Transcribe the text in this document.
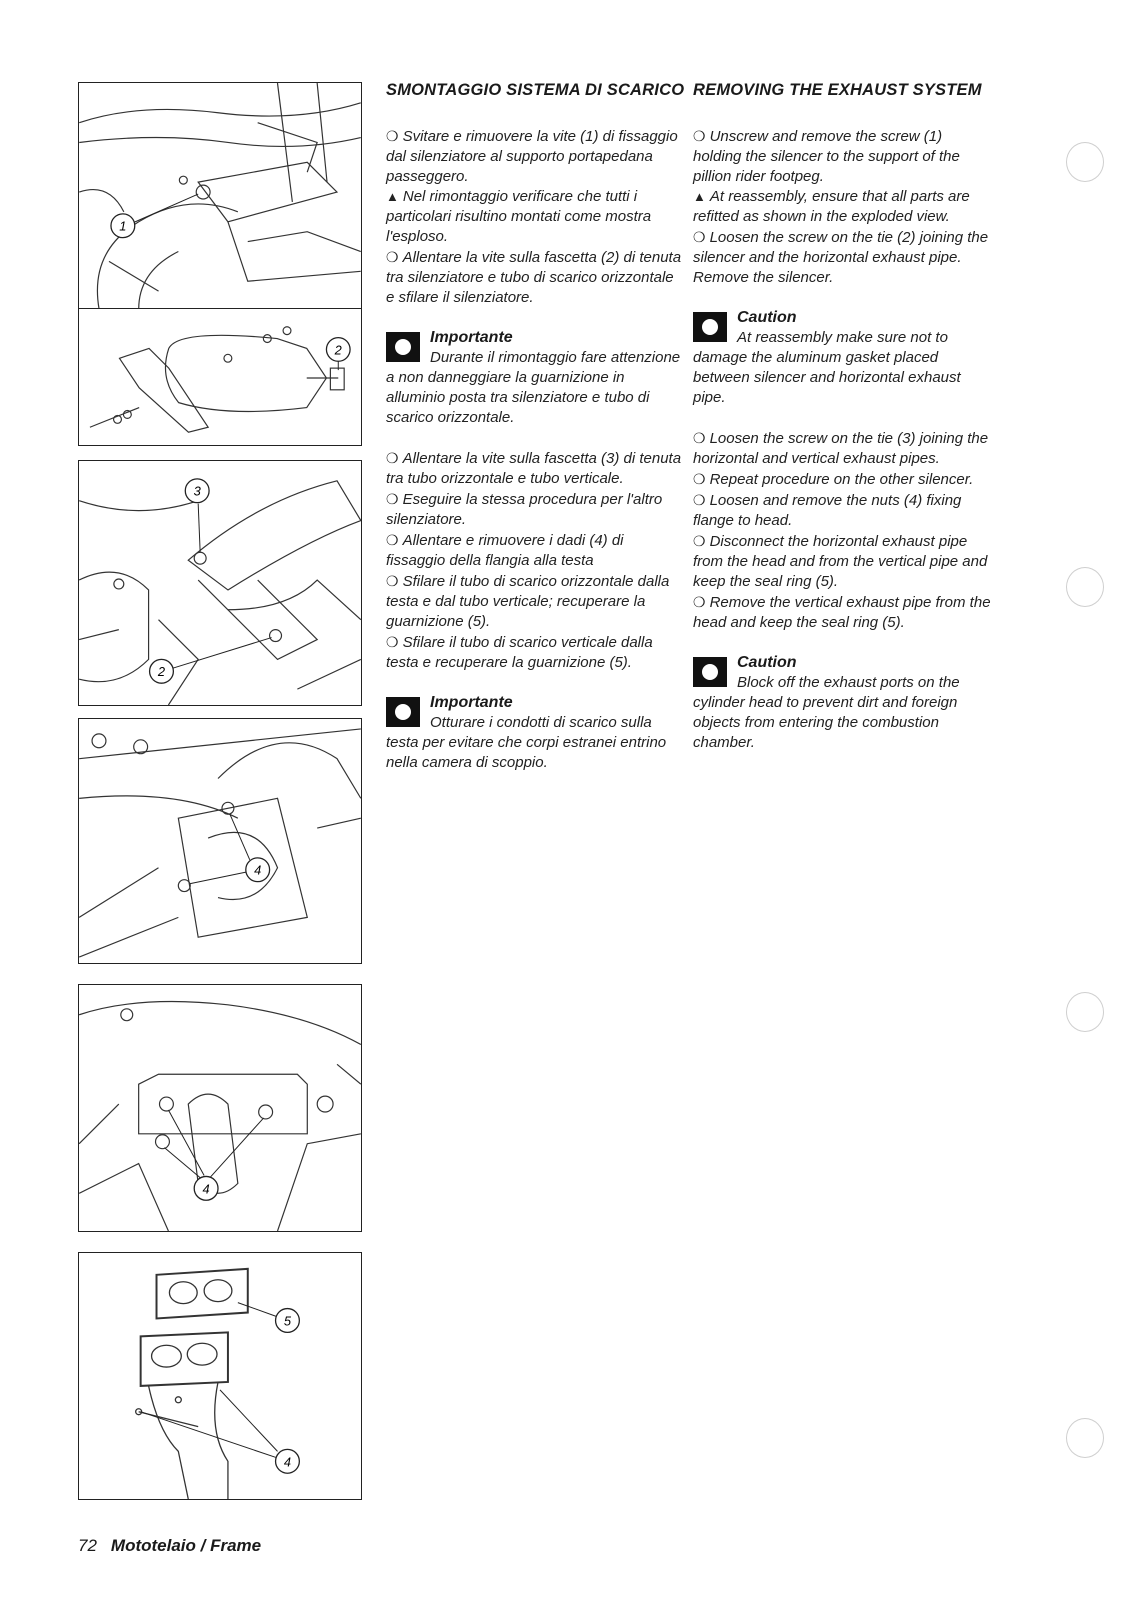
1
2
3
2
4
4
5
4
SMONTAGGIO SISTEMA DI SCARICO

❍ Svitare e rimuovere la vite (1) di fissaggio dal silenziatore al supporto portapedana passeggero.

▲ Nel rimontaggio verificare che tutti i particolari risultino montati come mostra l'esploso.

❍ Allentare la vite sulla fascetta (2) di tenuta tra silenziatore e tubo di scarico orizzontale e sfilare il silenziatore.

Importante

Durante il rimontaggio fare attenzione a non danneggiare la guarnizione in alluminio posta tra silenziatore e tubo di scarico orizzontale.

❍ Allentare la vite sulla fascetta (3) di tenuta tra tubo orizzontale e tubo verticale.

❍ Eseguire la stessa procedura per l'altro silenziatore.

❍ Allentare e rimuovere i dadi (4) di fissaggio della flangia alla testa

❍ Sfilare il tubo di scarico orizzontale dalla testa e dal tubo verticale; recuperare la guarnizione (5).

❍ Sfilare il tubo di scarico verticale dalla testa e recuperare la guarnizione (5).

Importante

Otturare i condotti di scarico sulla testa per evitare che corpi estranei entrino nella camera di scoppio.

REMOVING THE EXHAUST SYSTEM

❍ Unscrew and remove the screw (1) holding the silencer to the support of the pillion rider footpeg.

▲ At reassembly, ensure that all parts are refitted as shown in the exploded view.

❍ Loosen the screw on the tie (2) joining the silencer and the horizontal exhaust pipe. Remove the silencer.

Caution

At reassembly make sure not to damage the aluminum gasket placed between silencer and horizontal exhaust pipe.

❍ Loosen the screw on the tie (3) joining the horizontal and vertical exhaust pipes.

❍ Repeat procedure on the other silencer.

❍ Loosen and remove the nuts (4) fixing flange to head.

❍ Disconnect the horizontal exhaust pipe from the head and from the vertical pipe and keep the seal ring (5).

❍ Remove the vertical exhaust pipe from the head and keep the seal ring (5).

Caution

Block off the exhaust ports on the cylinder head to prevent dirt and foreign objects from entering the combustion chamber.

72 Mototelaio / Frame
